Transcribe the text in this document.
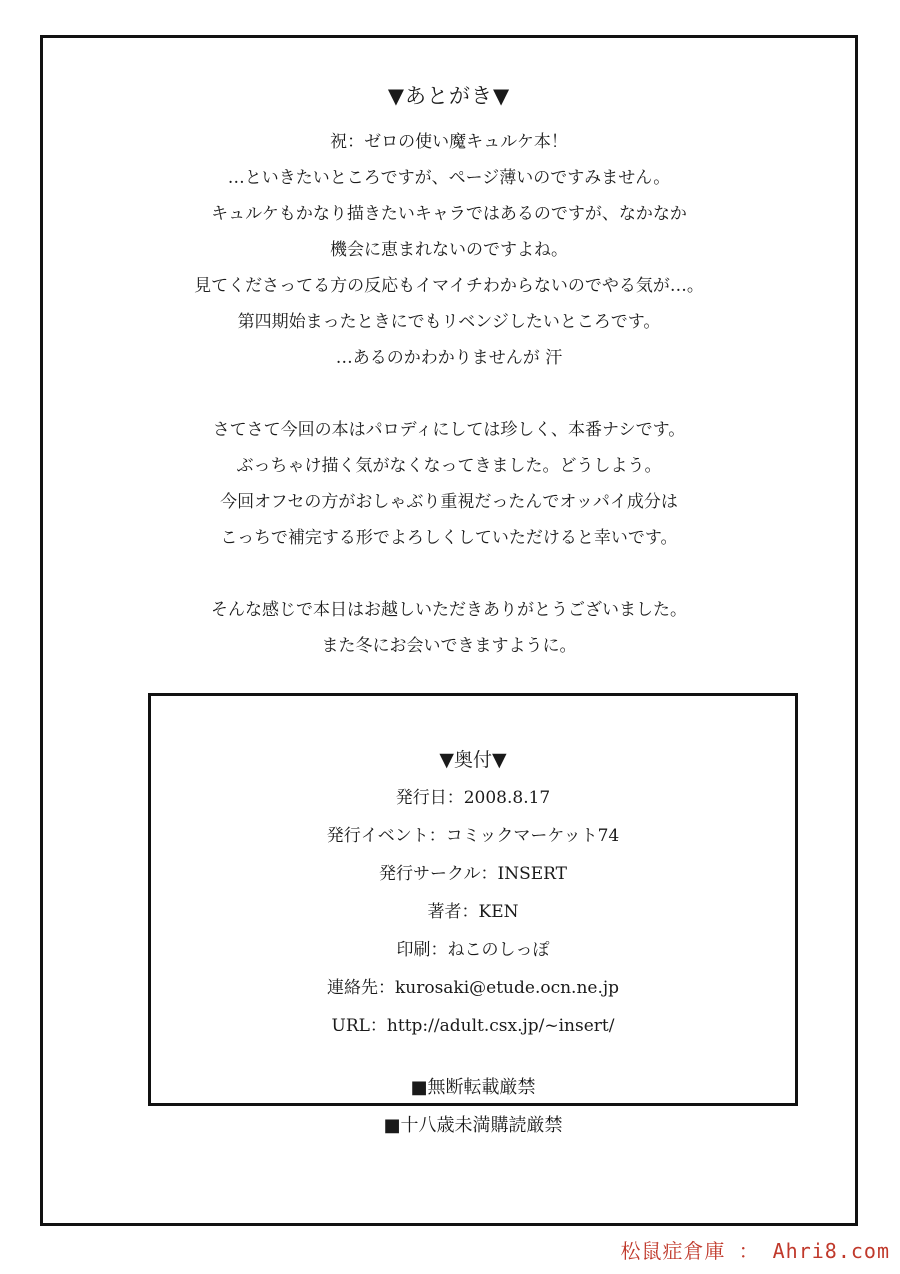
▼あとがき▼

祝：ゼロの使い魔キュルケ本！

…といきたいところですが、ページ薄いのですみません。

キュルケもかなり描きたいキャラではあるのですが、なかなか

機会に恵まれないのですよね。

見てくださってる方の反応もイマイチわからないのでやる気が…。

第四期始まったときにでもリベンジしたいところです。

…あるのかわかりませんが 汗

さてさて今回の本はパロディにしては珍しく、本番ナシです。

ぶっちゃけ描く気がなくなってきました。どうしよう。

今回オフセの方がおしゃぶり重視だったんでオッパイ成分は

こっちで補完する形でよろしくしていただけると幸いです。

そんな感じで本日はお越しいただきありがとうございました。

また冬にお会いできますように。

▼奥付▼
発行日：2008.8.17
発行イベント：コミックマーケット74
発行サークル：INSERT
著者：KEN
印刷：ねこのしっぽ
連絡先：kurosaki@etude.ocn.ne.jp
URL：http://adult.csx.jp/~insert/
■無断転載厳禁
■十八歳未満購読厳禁
松鼠症倉庫 ： Ahri8.com
